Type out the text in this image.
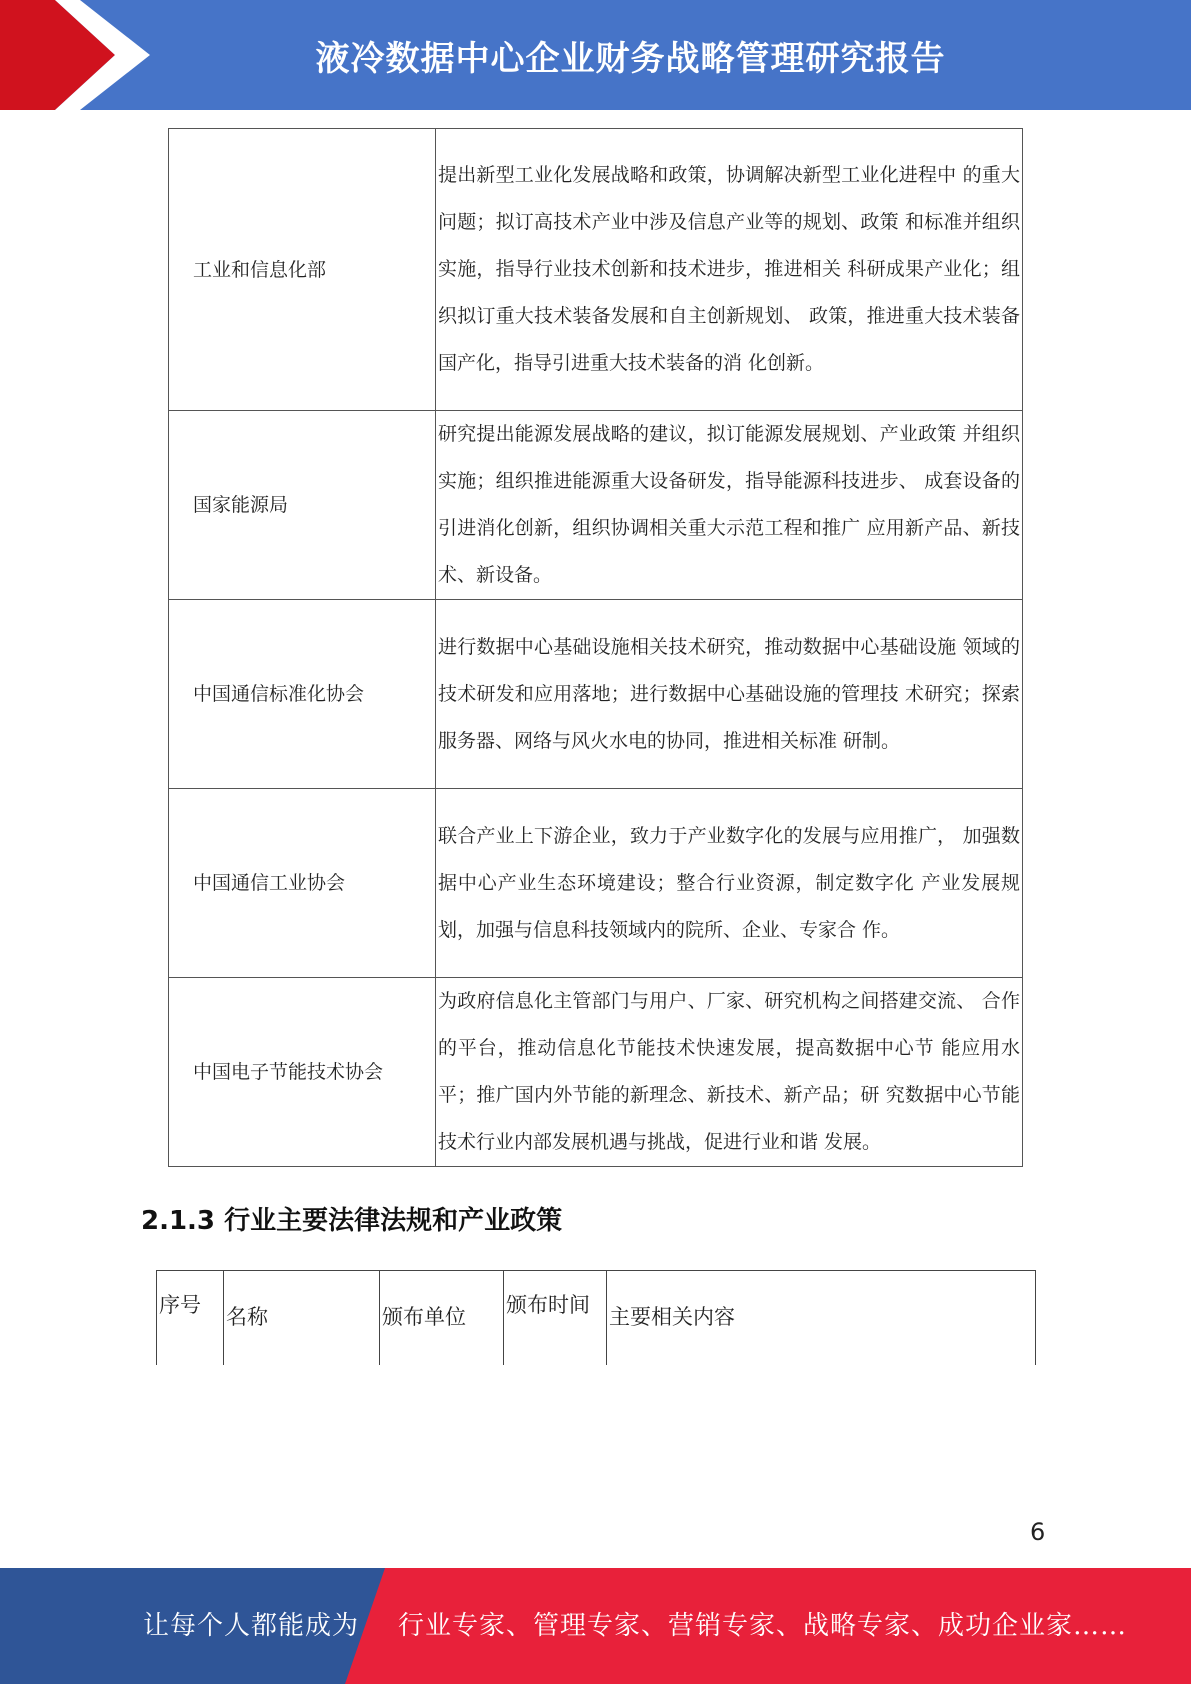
液冷数据中心企业财务战略管理研究报告
工业和信息化部	提出新型工业化发展战略和政策，协调解决新型工业化进程中 的重大问题；拟订高技术产业中涉及信息产业等的规划、政策 和标准并组织实施，指导行业技术创新和技术进步，推进相关 科研成果产业化；组织拟订重大技术装备发展和自主创新规划、 政策，推进重大技术装备国产化，指导引进重大技术装备的消 化创新。
国家能源局	研究提出能源发展战略的建议，拟订能源发展规划、产业政策 并组织实施；组织推进能源重大设备研发，指导能源科技进步、 成套设备的引进消化创新，组织协调相关重大示范工程和推广 应用新产品、新技术、新设备。
中国通信标准化协会	进行数据中心基础设施相关技术研究，推动数据中心基础设施 领域的技术研发和应用落地；进行数据中心基础设施的管理技 术研究；探索服务器、网络与风火水电的协同，推进相关标准 研制。
中国通信工业协会	联合产业上下游企业，致力于产业数字化的发展与应用推广， 加强数据中心产业生态环境建设；整合行业资源，制定数字化 产业发展规划，加强与信息科技领域内的院所、企业、专家合 作。
中国电子节能技术协会	为政府信息化主管部门与用户、厂家、研究机构之间搭建交流、 合作的平台，推动信息化节能技术快速发展，提高数据中心节 能应用水平；推广国内外节能的新理念、新技术、新产品；研 究数据中心节能技术行业内部发展机遇与挑战，促进行业和谐 发展。
2.1.3 行业主要法律法规和产业政策
序号	名称	颁布单位	颁布时间 主要相关内容
6
让每个人都能成为 行业专家、管理专家、营销专家、战略专家、成功企业家……
